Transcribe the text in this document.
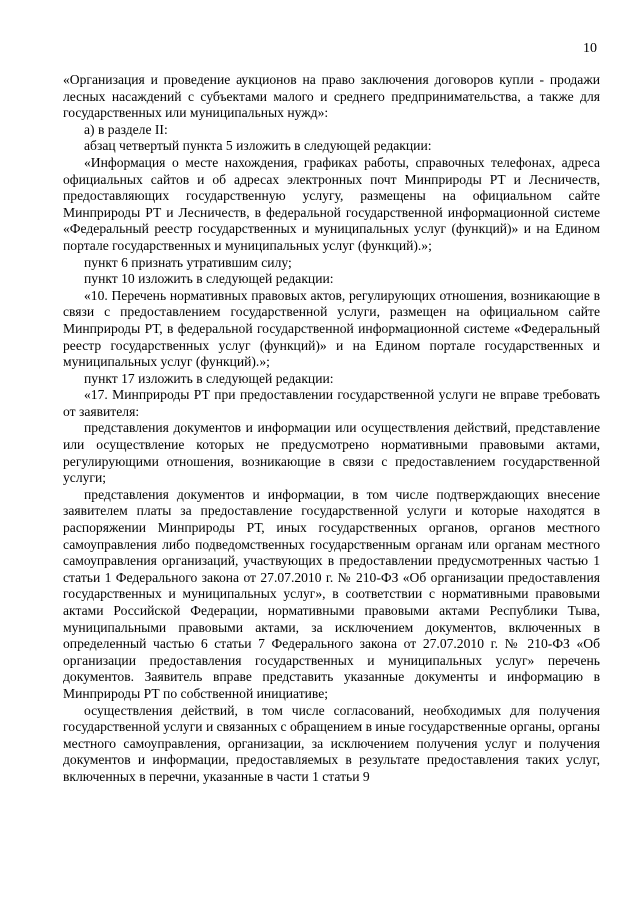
10

«Организация и проведение аукционов на право заключения договоров купли - продажи лесных насаждений с субъектами малого и среднего предпринимательства, а также для государственных или муниципальных нужд»:

а) в разделе II:

абзац четвертый пункта 5 изложить в следующей редакции:

«Информация о месте нахождения, графиках работы, справочных телефонах, адреса официальных сайтов и об адресах электронных почт Минприроды РТ и Лесничеств, предоставляющих государственную услугу, размещены на официальном сайте Минприроды РТ и Лесничеств, в федеральной государственной информационной системе «Федеральный реестр государственных и муниципальных услуг (функций)» и на Едином портале государственных и муниципальных услуг (функций).»;

пункт 6 признать утратившим силу;

пункт 10 изложить в следующей редакции:

«10. Перечень нормативных правовых актов, регулирующих отношения, возникающие в связи с предоставлением государственной услуги, размещен на официальном сайте Минприроды РТ, в федеральной государственной информационной системе «Федеральный реестр государственных услуг (функций)» и на Едином портале государственных и муниципальных услуг (функций).»;

пункт 17 изложить в следующей редакции:

«17. Минприроды РТ при предоставлении государственной услуги не вправе требовать от заявителя:

представления документов и информации или осуществления действий, представление или осуществление которых не предусмотрено нормативными правовыми актами, регулирующими отношения, возникающие в связи с предоставлением государственной услуги;

представления документов и информации, в том числе подтверждающих внесение заявителем платы за предоставление государственной услуги и которые находятся в распоряжении Минприроды РТ, иных государственных органов, органов местного самоуправления либо подведомственных государственным органам или органам местного самоуправления организаций, участвующих в предоставлении предусмотренных частью 1 статьи 1 Федерального закона от 27.07.2010 г. № 210-ФЗ «Об организации предоставления государственных и муниципальных услуг», в соответствии с нормативными правовыми актами Российской Федерации, нормативными правовыми актами Республики Тыва, муниципальными правовыми актами, за исключением документов, включенных в определенный частью 6 статьи 7 Федерального закона от 27.07.2010 г. № 210-ФЗ «Об организации предоставления государственных и муниципальных услуг» перечень документов. Заявитель вправе представить указанные документы и информацию в Минприроды РТ по собственной инициативе;

осуществления действий, в том числе согласований, необходимых для получения государственной услуги и связанных с обращением в иные государственные органы, органы местного самоуправления, организации, за исключением получения услуг и получения документов и информации, предоставляемых в результате предоставления таких услуг, включенных в перечни, указанные в части 1 статьи 9
